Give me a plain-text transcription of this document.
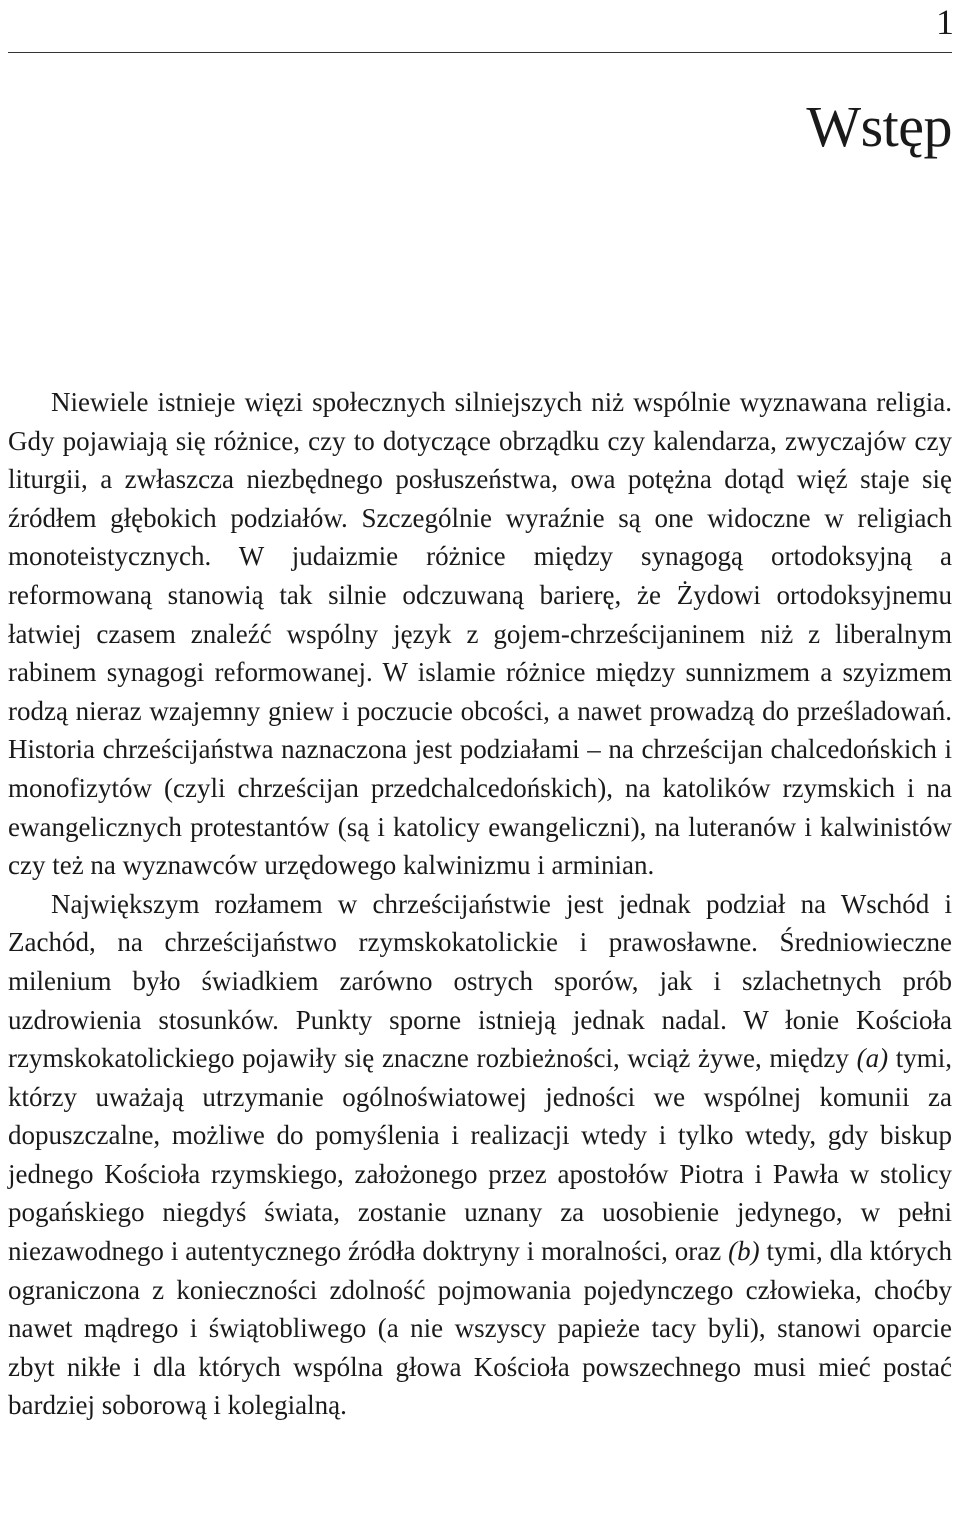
1
Wstęp

Niewiele istnieje więzi społecznych silniejszych niż wspólnie wyznawana religia. Gdy pojawiają się różnice, czy to dotyczące obrządku czy kalendarza, zwyczajów czy liturgii, a zwłaszcza niezbędnego posłuszeństwa, owa potężna dotąd więź staje się źródłem głębokich podziałów. Szczególnie wyraźnie są one widoczne w religiach monoteistycznych. W judaizmie różnice między synagogą ortodoksyjną a reformowaną stanowią tak silnie odczuwaną barierę, że Żydowi ortodoksyjnemu łatwiej czasem znaleźć wspólny język z gojem-chrześcijaninem niż z liberalnym rabinem synagogi reformowanej. W islamie różnice między sunnizmem a szyizmem rodzą nieraz wzajemny gniew i poczucie obcości, a nawet prowadzą do prześladowań. Historia chrześcijaństwa naznaczona jest podziałami – na chrześcijan chalcedońskich i monofizytów (czyli chrześcijan przedchalcedońskich), na katolików rzymskich i na ewangelicznych protestantów (są i katolicy ewangeliczni), na luteranów i kalwinistów czy też na wyznawców urzędowego kalwinizmu i arminian.

Największym rozłamem w chrześcijaństwie jest jednak podział na Wschód i Zachód, na chrześcijaństwo rzymskokatolickie i prawosławne. Średniowieczne milenium było świadkiem zarówno ostrych sporów, jak i szlachetnych prób uzdrowienia stosunków. Punkty sporne istnieją jednak nadal. W łonie Kościoła rzymskokatolickiego pojawiły się znaczne rozbieżności, wciąż żywe, między (a) tymi, którzy uważają utrzymanie ogólnoświatowej jedności we wspólnej komunii za dopuszczalne, możliwe do pomyślenia i realizacji wtedy i tylko wtedy, gdy biskup jednego Kościoła rzymskiego, założonego przez apostołów Piotra i Pawła w stolicy pogańskiego niegdyś świata, zostanie uznany za uosobienie jedynego, w pełni niezawodnego i autentycznego źródła doktryny i moralności, oraz (b) tymi, dla których ograniczona z konieczności zdolność pojmowania pojedynczego człowieka, choćby nawet mądrego i świątobliwego (a nie wszyscy papieże tacy byli), stanowi oparcie zbyt nikłe i dla których wspólna głowa Kościoła powszechnego musi mieć postać bardziej soborową i kolegialną.
